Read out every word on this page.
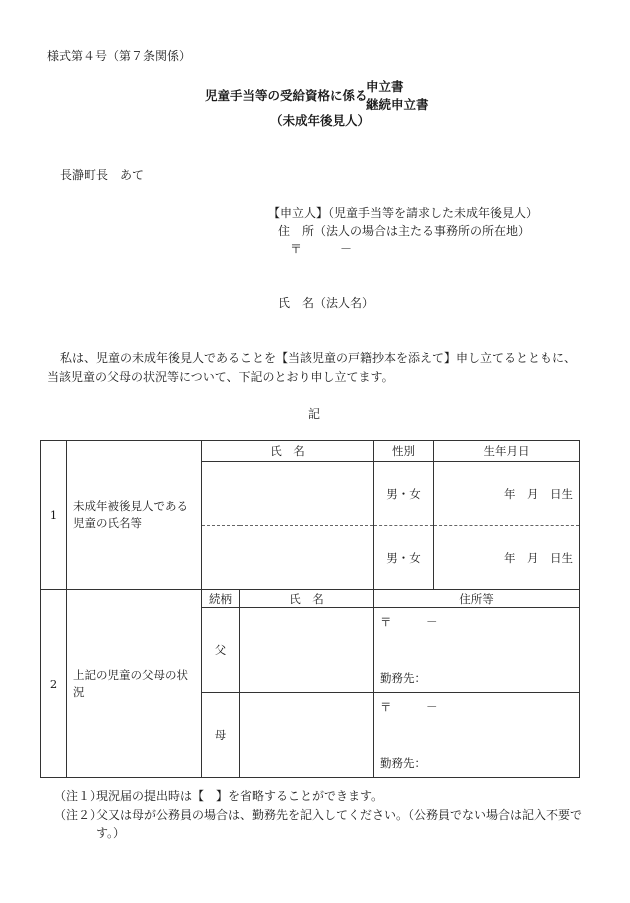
様式第４号（第７条関係）
児童手当等の受給資格に係る
申立書
継続申立書
（未成年後見人）
長瀞町長　あて
【申立人】（児童手当等を請求した未成年後見人）
住　所（法人の場合は主たる事務所の所在地）
〒	－
氏　名（法人名）
私は、児童の未成年後見人であることを【当該児童の戸籍抄本を添えて】申し立てるとともに、
当該児童の父母の状況等について、下記のとおり申し立てます。
記
1	未成年被後見人である児童の氏名等	氏　名		性別	生年月日
				男・女	年　月　日生
				男・女	年　月　日生
2	上記の児童の父母の状況	続柄	氏　名	住所等	
		父		〒　　　－
勤務先：	

		母		〒　　　－
勤務先：	
（注１）
現況届の提出時は【　】を省略することができます。
（注２）
父又は母が公務員の場合は、勤務先を記入してください。（公務員でない場合は記入不要で
す。）
